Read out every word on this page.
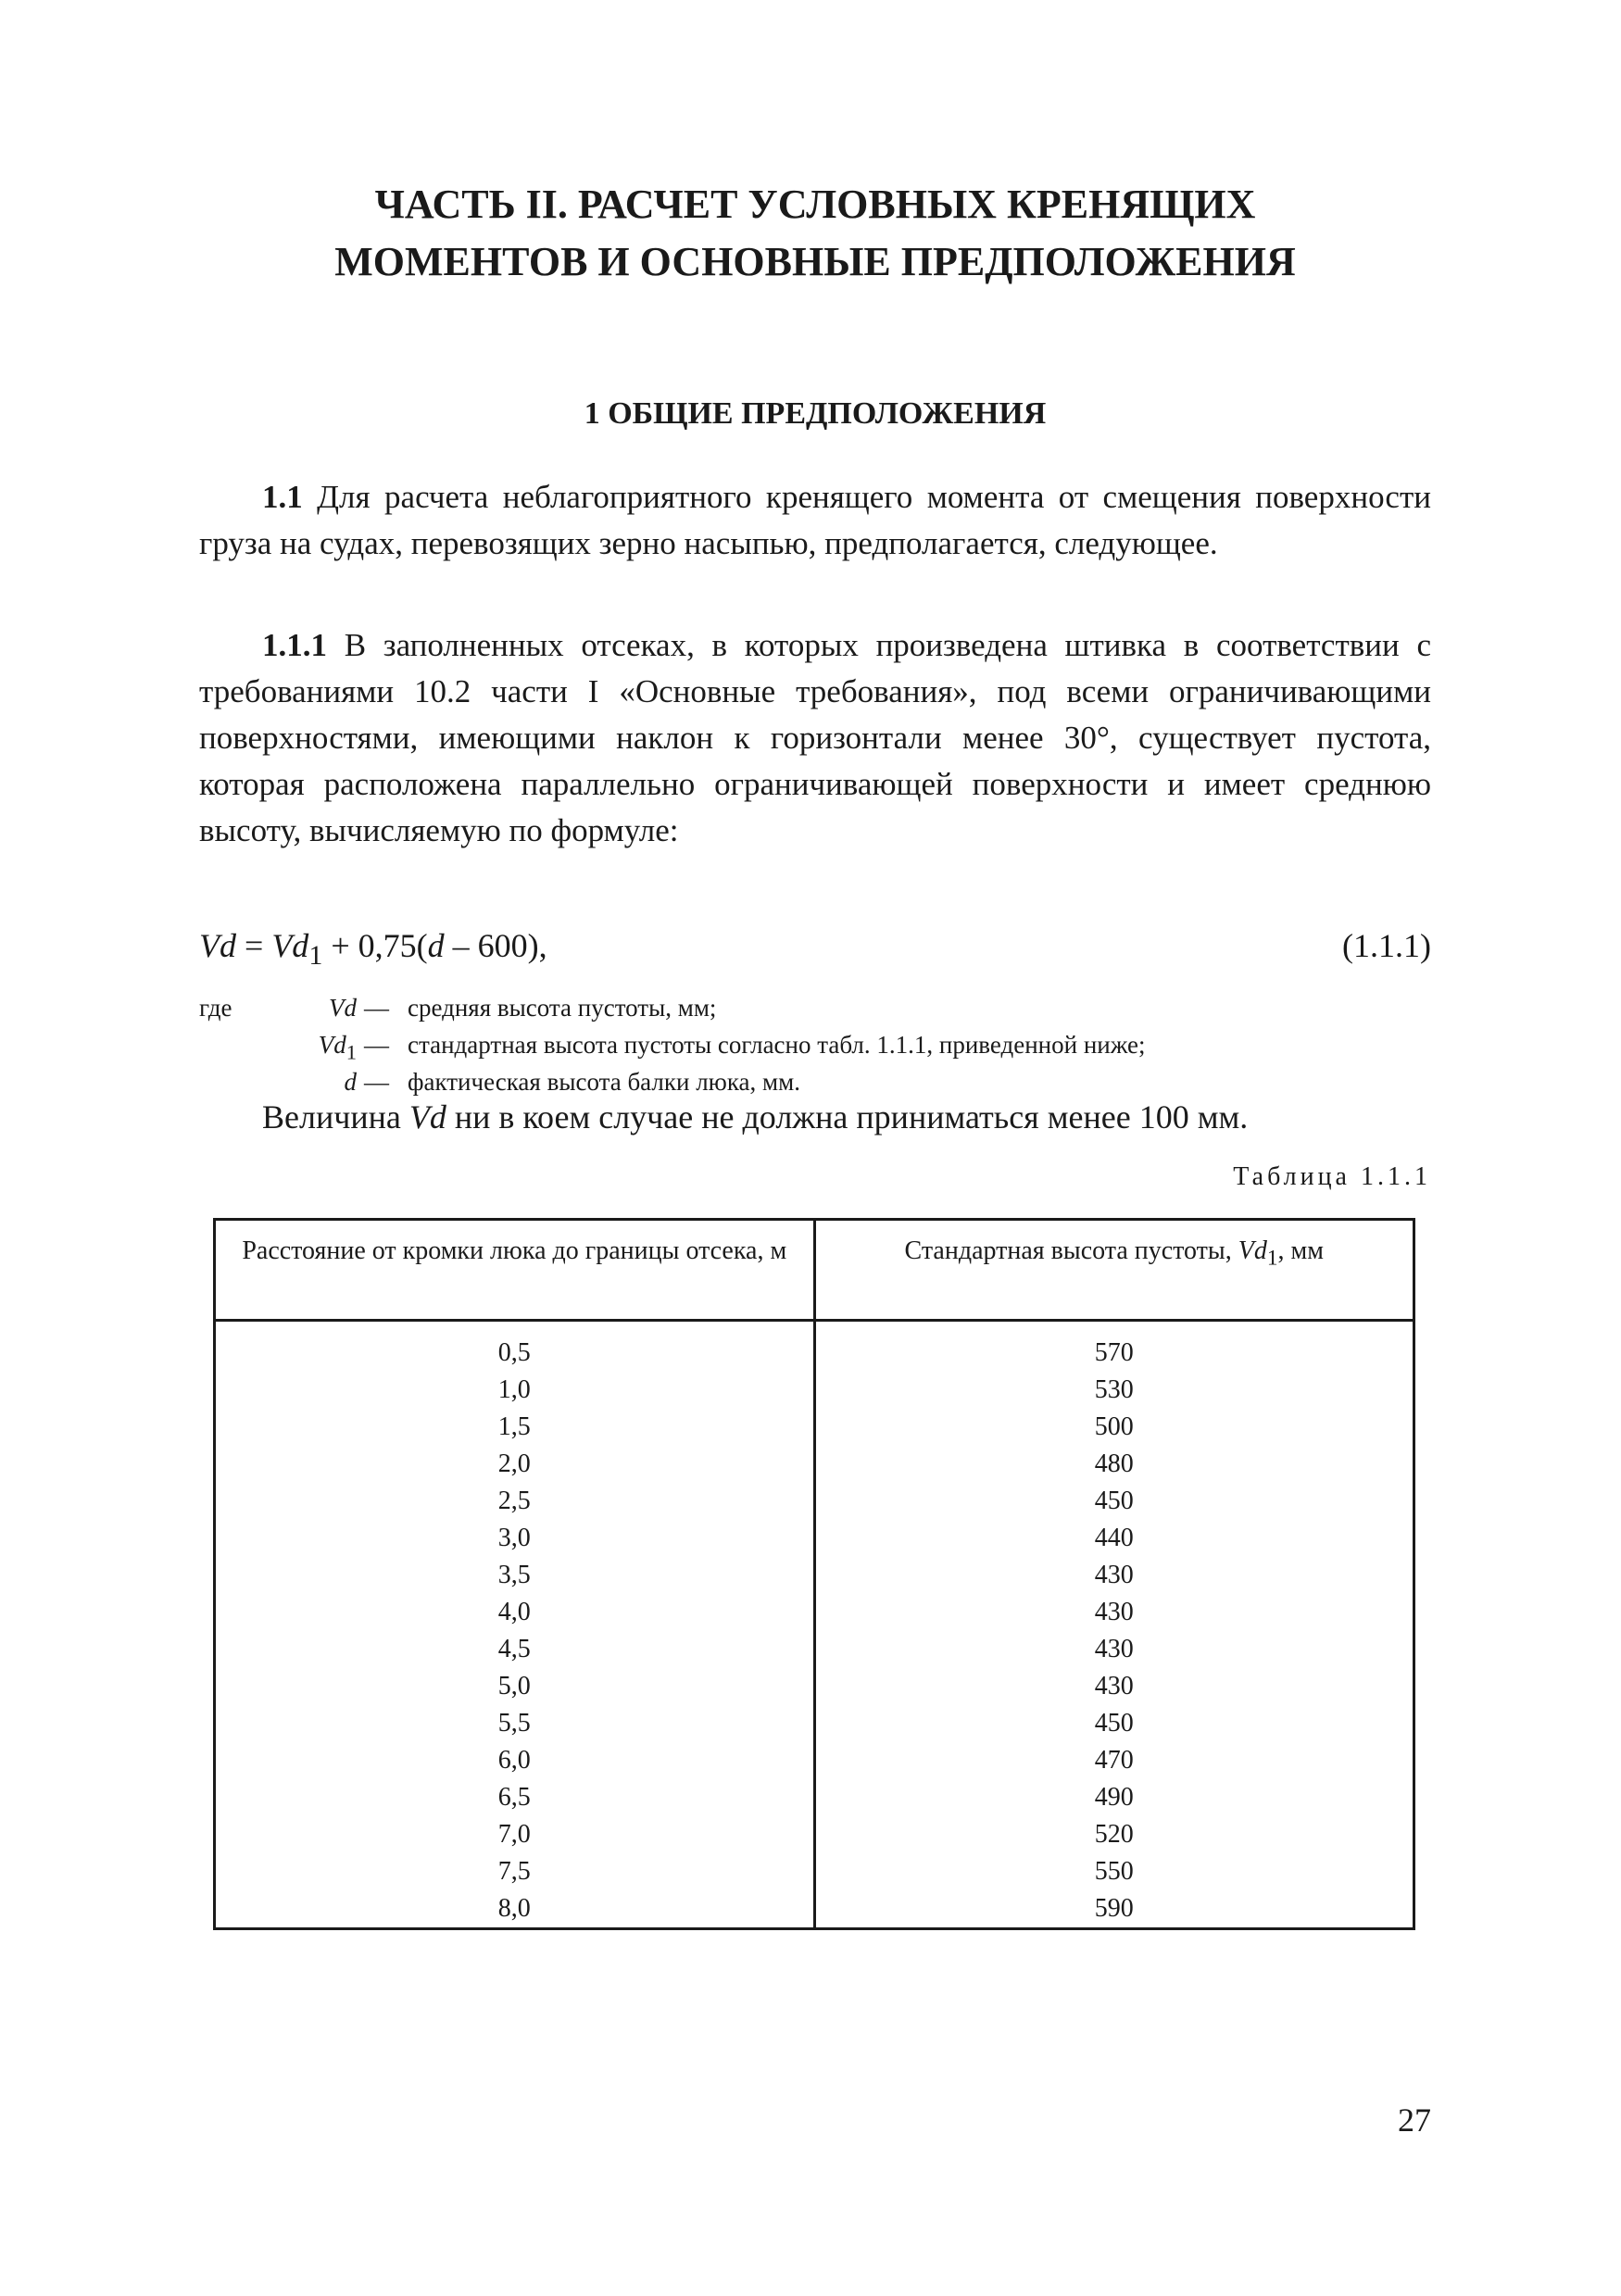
ЧАСТЬ II. РАСЧЕТ УСЛОВНЫХ КРЕНЯЩИХ
МОМЕНТОВ И ОСНОВНЫЕ ПРЕДПОЛОЖЕНИЯ
1 ОБЩИЕ ПРЕДПОЛОЖЕНИЯ
1.1 Для расчета неблагоприятного кренящего момента от смещения поверхности груза на судах, перевозящих зерно насыпью, предполагается, следующее.
1.1.1 В заполненных отсеках, в которых произведена штивка в соответствии с требованиями 10.2 части I «Основные требования», под всеми ограничивающими поверхностями, имеющими наклон к горизонтали менее 30°, существует пустота, которая расположена параллельно ограничивающей поверхности и имеет среднюю высоту, вычисляемую по формуле:
$Vd = Vd_1 + 0,75(d - 600)$,	(1.1.1)
где	Vd — средняя высота пустоты, мм;
$Vd_1$ — стандартная высота пустоты согласно табл. 1.1.1, приведенной ниже;
d — фактическая высота балки люка, мм.
Величина Vd ни в коем случае не должна приниматься менее 100 мм.
Таблица 1.1.1
Расстояние от кромки люка до границы отсека, м	Стандартная высота пустоты, $Vd_1$, мм
0,5	570
1,0	530
1,5	500
2,0	480
2,5	450
3,0	440
3,5	430
4,0	430
4,5	430
5,0	430
5,5	450
6,0	470
6,5	490
7,0	520
7,5	550
8,0	590
27
